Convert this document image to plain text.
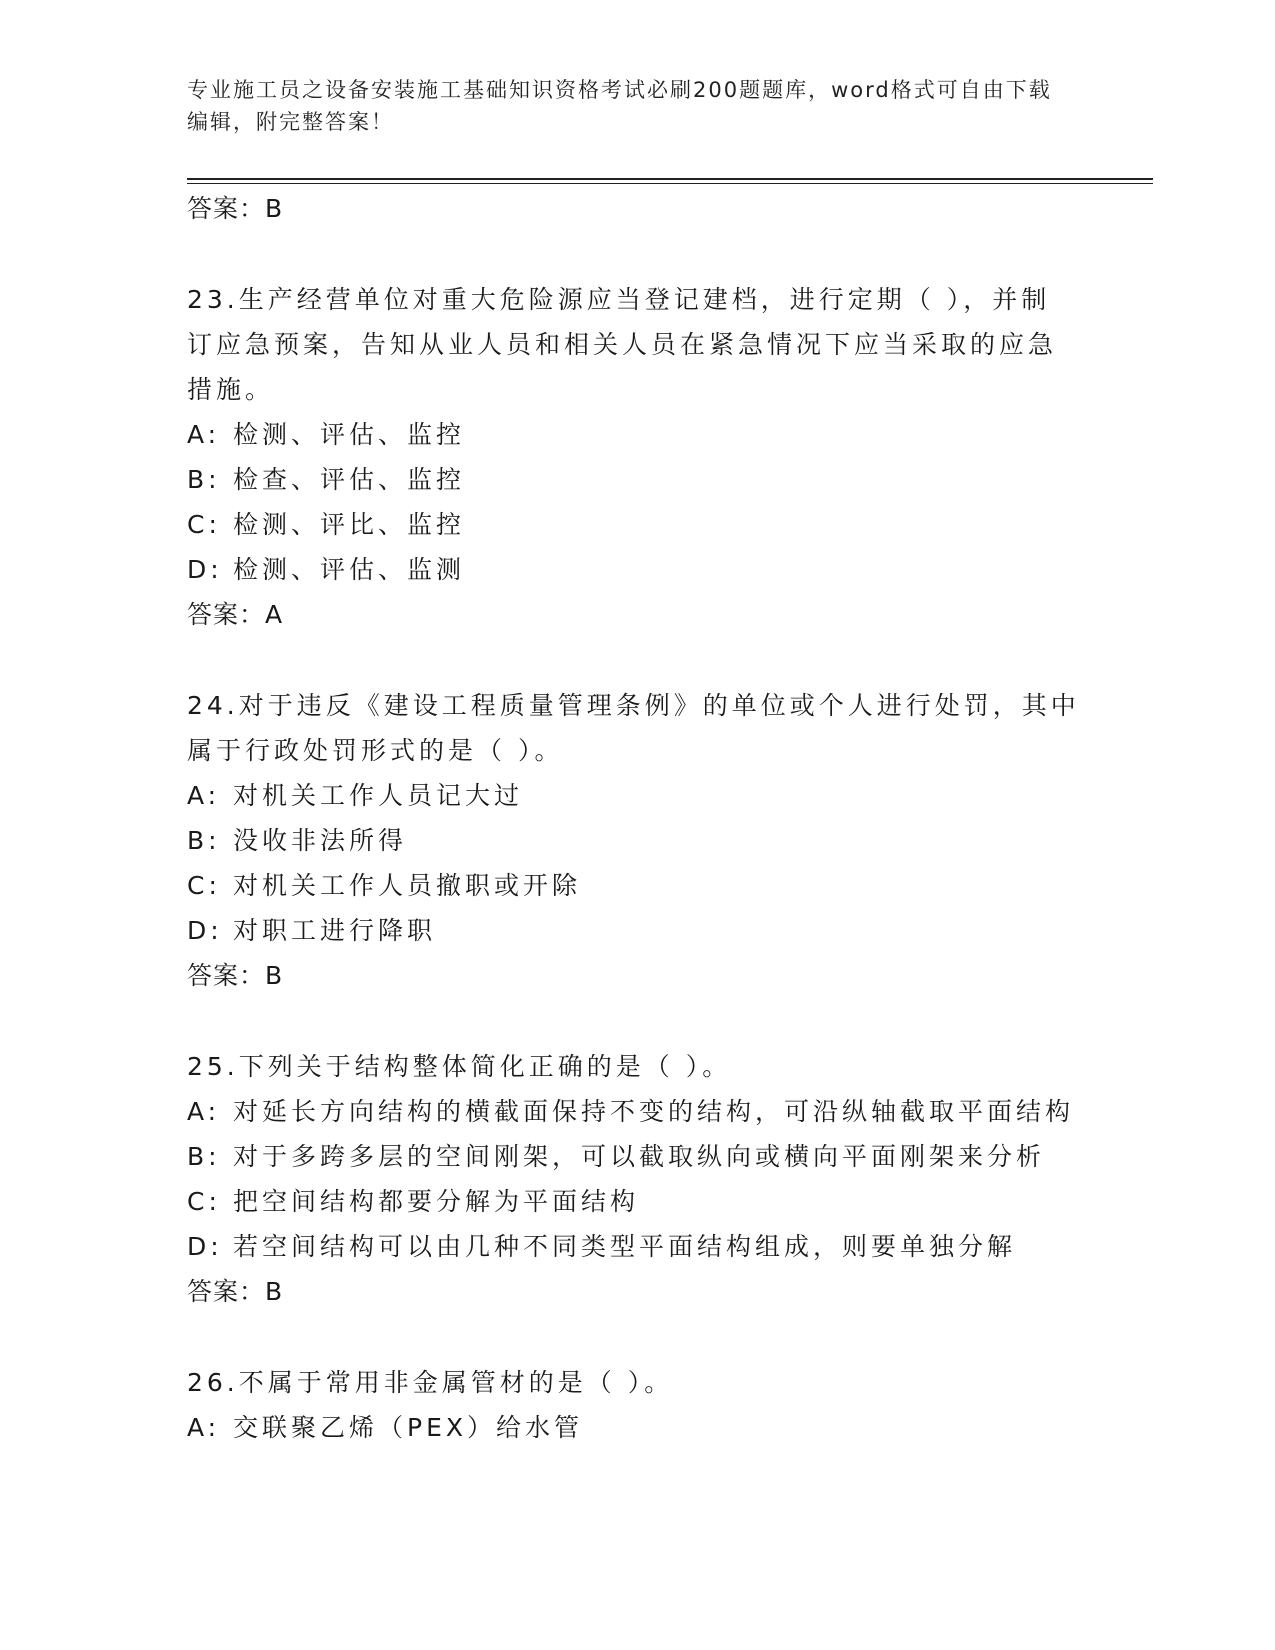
专业施工员之设备安装施工基础知识资格考试必刷200题题库，word格式可自由下载编辑，附完整答案！
答案：B
23.生产经营单位对重大危险源应当登记建档，进行定期（ ），并制
订应急预案，告知从业人员和相关人员在紧急情况下应当采取的应急
措施。
A: 检测、评估、监控
B: 检查、评估、监控
C: 检测、评比、监控
D: 检测、评估、监测
答案：A
24.对于违反《建设工程质量管理条例》的单位或个人进行处罚，其中
属于行政处罚形式的是（ ）。
A: 对机关工作人员记大过
B: 没收非法所得
C: 对机关工作人员撤职或开除
D: 对职工进行降职
答案：B
25.下列关于结构整体简化正确的是（ ）。
A: 对延长方向结构的横截面保持不变的结构，可沿纵轴截取平面结构
B: 对于多跨多层的空间刚架，可以截取纵向或横向平面刚架来分析
C: 把空间结构都要分解为平面结构
D: 若空间结构可以由几种不同类型平面结构组成，则要单独分解
答案：B
26.不属于常用非金属管材的是（ ）。
A: 交联聚乙烯（PEX）给水管
